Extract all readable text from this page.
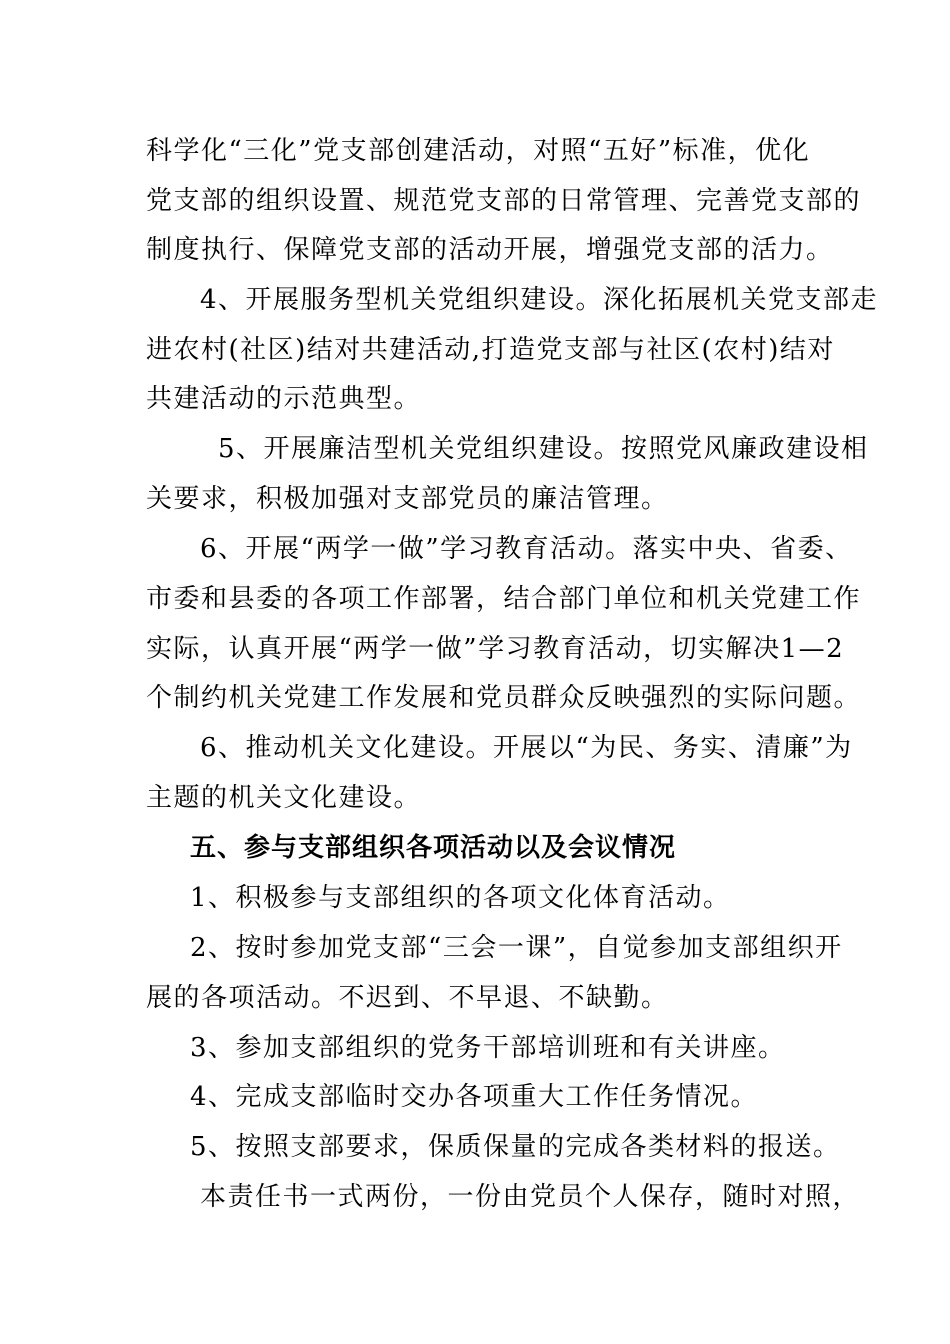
科学化“三化”党支部创建活动，对照“五好”标准，优化
党支部的组织设置、规范党支部的日常管理、完善党支部的
制度执行、保障党支部的活动开展，增强党支部的活力。
4、开展服务型机关党组织建设。深化拓展机关党支部走
进农村(社区)结对共建活动,打造党支部与社区(农村)结对
共建活动的示范典型。
5、开展廉洁型机关党组织建设。按照党风廉政建设相
关要求，积极加强对支部党员的廉洁管理。
6、开展“两学一做”学习教育活动。落实中央、省委、
市委和县委的各项工作部署，结合部门单位和机关党建工作
实际，认真开展“两学一做”学习教育活动，切实解决1—2
个制约机关党建工作发展和党员群众反映强烈的实际问题。
6、推动机关文化建设。开展以“为民、务实、清廉”为
主题的机关文化建设。
五、参与支部组织各项活动以及会议情况
1、积极参与支部组织的各项文化体育活动。
2、按时参加党支部“三会一课”，自觉参加支部组织开
展的各项活动。不迟到、不早退、不缺勤。
3、参加支部组织的党务干部培训班和有关讲座。
4、完成支部临时交办各项重大工作任务情况。
5、按照支部要求，保质保量的完成各类材料的报送。
本责任书一式两份，一份由党员个人保存，随时对照，
